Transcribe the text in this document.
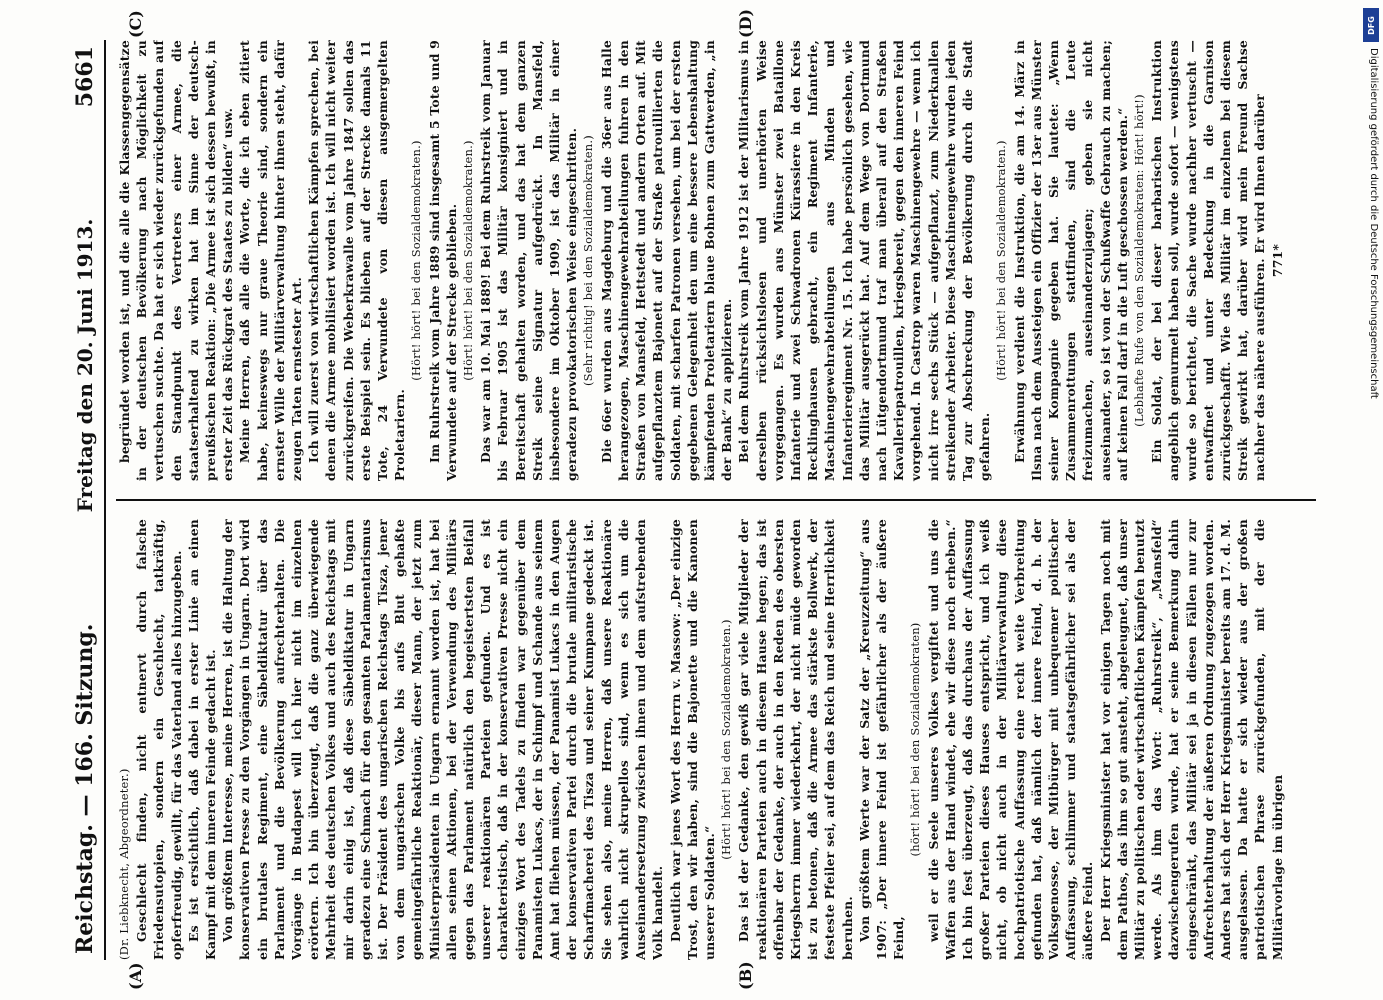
Reichstag. — 166. Sitzung.
Freitag den 20. Juni 1913.
5661

(Dr. Liebknecht, Abgeordneter.) Geschlecht finden, nicht entnervt durch falsche Friedensutopien, sondern ein Geschlecht, tatkräftig, opferfreudig, gewillt, für das Vaterland alles hinzugeben. Es ist ersichtlich, daß dabei in erster Linie an einen Kampf mit dem inneren Feinde gedacht ist. Von größtem Interesse, meine Herren, ist die Haltung der konservativen Presse zu den Vorgängen in Ungarn. Dort wird ein brutales Regiment, eine Säbeldiktatur über das Parlament und die Bevölkerung aufrechterhalten. Die Vorgänge in Budapest will ich hier nicht im einzelnen erörtern. Ich bin überzeugt, daß die ganz überwiegende Mehrheit des deutschen Volkes und auch des Reichstags mit mir darin einig ist, daß diese Säbeldiktatur in Ungarn geradezu eine Schmach für den gesamten Parlamentarismus ist. Der Präsident des ungarischen Reichstags Tisza, jener von dem ungarischen Volke bis aufs Blut gehaßte gemeingefährliche Reaktionär, dieser Mann, der jetzt zum Ministerpräsidenten in Ungarn ernannt worden ist, hat bei allen seinen Aktionen, bei der Verwendung des Militärs gegen das Parlament natürlich den begeistertsten Beifall unserer reaktionären Parteien gefunden. Und es ist charakteristisch, daß in der konservativen Presse nicht ein einziges Wort des Tadels zu finden war gegenüber dem Panamisten Lukacs, der in Schimpf und Schande aus seinem Amt hat fliehen müssen, der Panamist Lukacs in den Augen der konservativen Partei durch die brutale militaristische Scharfmacherei des Tisza und seiner Kumpane gedeckt ist. Sie sehen also, meine Herren, daß unsere Reaktionäre wahrlich nicht skrupellos sind, wenn es sich um die Auseinandersetzung zwischen ihnen und dem aufstrebenden Volk handelt. Deutlich war jenes Wort des Herrn v. Massow: „Der einzige Trost, den wir haben, sind die Bajonette und die Kanonen unserer Soldaten.“

(Hört! hört! bei den Sozialdemokraten.) Das ist der Gedanke, den gewiß gar viele Mitglieder der reaktionären Parteien auch in diesem Hause hegen; das ist offenbar der Gedanke, der auch in den Reden des obersten Kriegsherrn immer wiederkehrt, der nicht müde geworden ist zu betonen, daß die Armee das stärkste Bollwerk, der festeste Pfeiler sei, auf dem das Reich und seine Herrlichkeit beruhen. Von größtem Werte war der Satz der „Kreuzzeitung“ aus 1907: „Der innere Feind ist gefährlicher als der äußere Feind,

(hört! hört! bei den Sozialdemokraten) weil er die Seele unseres Volkes vergiftet und uns die Waffen aus der Hand windet, ehe wir diese noch erheben.“ Ich bin fest überzeugt, daß das durchaus der Auffassung großer Parteien dieses Hauses entspricht, und ich weiß nicht, ob nicht auch in der Militärverwaltung diese hochpatriotische Auffassung eine recht weite Verbreitung gefunden hat, daß nämlich der innere Feind, d. h. der Volksgenosse, der Mitbürger mit unbequemer politischer Auffassung, schlimmer und staatsgefährlicher sei als der äußere Feind. Der Herr Kriegsminister hat vor einigen Tagen noch mit dem Pathos, das ihm so gut ansteht, abgeleugnet, daß unser Militär zu politischen oder wirtschaftlichen Kämpfen benutzt werde. Als ihm das Wort: „Ruhrstreik“, „Mansfeld“ dazwischengerufen wurde, hat er seine Bemerkung dahin eingeschränkt, das Militär sei ja in diesen Fällen nur zur Aufrechterhaltung der äußeren Ordnung zugezogen worden. Anders hat sich der Herr Kriegsminister bereits am 17. d. M. ausgelassen. Da hatte er sich wieder aus der großen patriotischen Phrase zurückgefunden, mit der die Militärvorlage im übrigen

begründet worden ist, und die alle die Klassengegensätze in der deutschen Bevölkerung nach Möglichkeit zu vertuschen suchte. Da hat er sich wieder zurückgefunden auf den Standpunkt des Vertreters einer Armee, die staatserhaltend zu wirken hat im Sinne der deutsch-preußischen Reaktion: „Die Armee ist sich dessen bewußt, in erster Zeit das Rückgrat des Staates zu bilden“ usw. Meine Herren, daß alle die Worte, die ich eben zitiert habe, keineswegs nur graue Theorie sind, sondern ein ernster Wille der Militärverwaltung hinter ihnen steht, dafür zeugen Taten ernstester Art. Ich will zuerst von wirtschaftlichen Kämpfen sprechen, bei denen die Armee mobilisiert worden ist. Ich will nicht weiter zurückgreifen. Die Weberkrawalle vom Jahre 1847 sollen das erste Beispiel sein. Es blieben auf der Strecke damals 11 Tote, 24 Verwundete von diesen ausgemergelten Proletariern.

(Hört! hört! bei den Sozialdemokraten.) Im Ruhrstreik vom Jahre 1889 sind insgesamt 5 Tote und 9 Verwundete auf der Strecke geblieben. (Hört! hört! bei den Sozialdemokraten.) Das war am 10. Mai 1889! Bei dem Ruhrstreik vom Januar bis Februar 1905 ist das Militär konsigniert und in Bereitschaft gehalten worden, und das hat dem ganzen Streik seine Signatur aufgedrückt. In Mansfeld, insbesondere im Oktober 1909, ist das Militär in einer geradezu provokatorischen Weise eingeschritten. (Sehr richtig! bei den Sozialdemokraten.) Die 66er wurden aus Magdeburg und die 36er aus Halle herangezogen, Maschinengewehrabteilungen fuhren in den Straßen von Mansfeld, Hettstedt und andern Orten auf. Mit aufgepflanztem Bajonett auf der Straße patrouillierten die Soldaten, mit scharfen Patronen versehen, um bei der ersten gegebenen Gelegenheit den um eine bessere Lebenshaltung kämpfenden Proletariern blaue Bohnen zum Gattwerden, „in der Bank“ zu applizieren. Bei dem Ruhrstreik vom Jahre 1912 ist der Militarismus in derselben rücksichtslosen und unerhörten Weise vorgegangen. Es wurden aus Münster zwei Bataillone Infanterie und zwei Schwadronen Kürassiere in den Kreis Recklinghausen gebracht, ein Regiment Infanterie, Maschinengewehrabteilungen aus Minden und Infanterieregiment Nr. 15. Ich habe persönlich gesehen, wie das Militär ausgerückt hat. Auf dem Wege von Dortmund nach Lütgendortmund traf man überall auf den Straßen Kavalleriepatrouillen, kriegsbereit, gegen den inneren Feind vorgehend. In Castrop waren Maschinengewehre — wenn ich nicht irre sechs Stück — aufgepflanzt, zum Niederknallen streikender Arbeiter. Diese Maschinengewehre wurden jeden Tag zur Abschreckung der Bevölkerung durch die Stadt gefahren.

(Hört! hört! bei den Sozialdemokraten.) Erwähnung verdient die Instruktion, die am 14. März in Ilsna nach dem Aussteigen ein Offizier der 13er aus Münster seiner Kompagnie gegeben hat. Sie lautete: „Wenn Zusammenrottungen stattfinden, sind die Leute freizumachen, auseinanderzujagen; geben sie nicht auseinander, so ist von der Schußwaffe Gebrauch zu machen; auf keinen Fall darf in die Luft geschossen werden.“ (Lebhafte Rufe von den Sozialdemokraten: Hört! hört!) Ein Soldat, der bei dieser barbarischen Instruktion angeblich gemurmelt haben soll, wurde sofort — wenigstens wurde so berichtet, die Sache wurde nachher vertuscht — entwaffnet und unter Bedeckung in die Garnison zurückgeschafft. Wie das Militär im einzelnen bei diesem Streik gewirkt hat, darüber wird mein Freund Sachse nachher das nähere ausführen. Er wird Ihnen darüber 771*

(A)	(B)
(C)	(D)	DFG
Digitalisierung gefördert durch die Deutsche Forschungsgemeinschaft
